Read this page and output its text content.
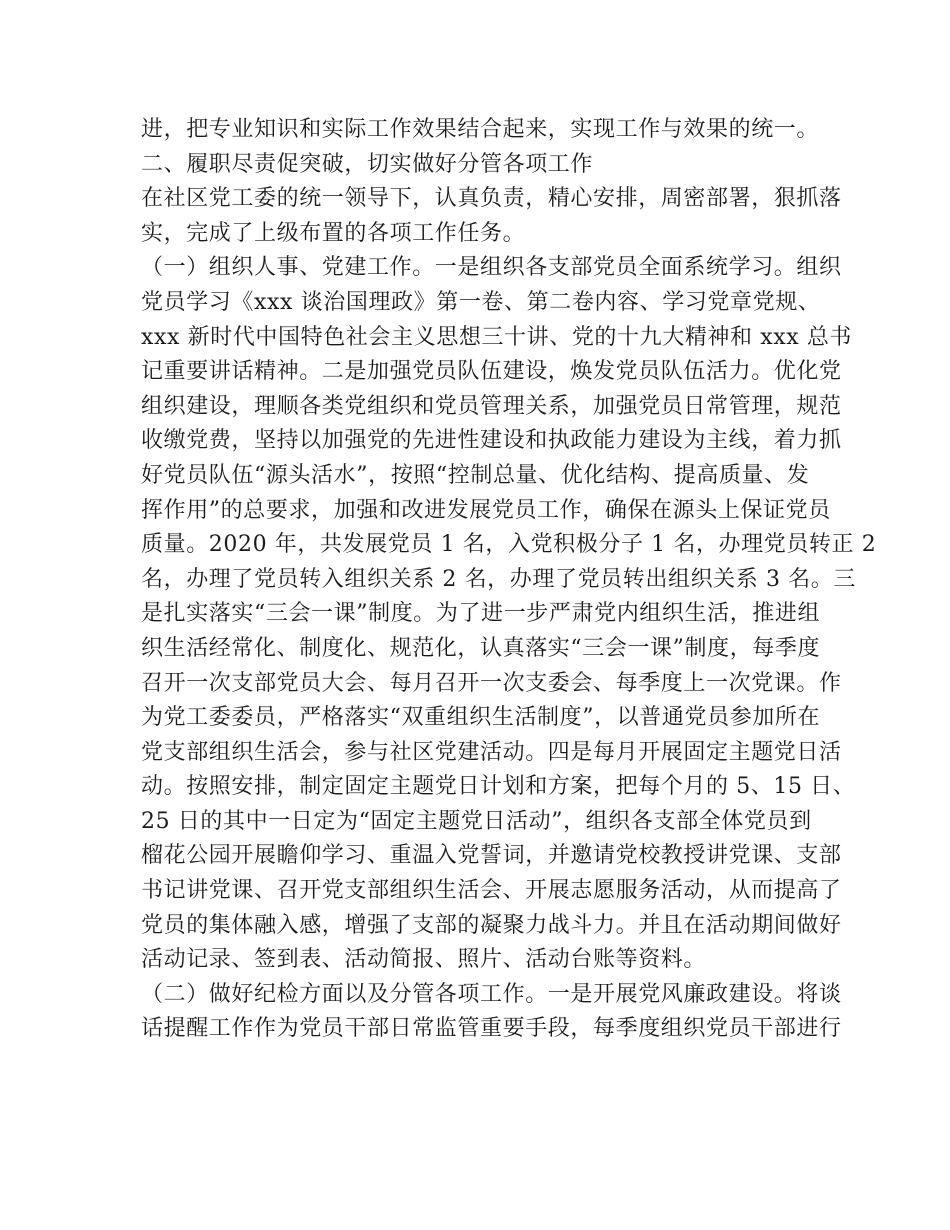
进，把专业知识和实际工作效果结合起来，实现工作与效果的统一。
二、履职尽责促突破，切实做好分管各项工作
在社区党工委的统一领导下，认真负责，精心安排，周密部署，狠抓落
实，完成了上级布置的各项工作任务。
（一）组织人事、党建工作。一是组织各支部党员全面系统学习。组织
党员学习《xxx 谈治国理政》第一卷、第二卷内容、学习党章党规、
xxx 新时代中国特色社会主义思想三十讲、党的十九大精神和 xxx 总书
记重要讲话精神。二是加强党员队伍建设，焕发党员队伍活力。优化党
组织建设，理顺各类党组织和党员管理关系，加强党员日常管理，规范
收缴党费，坚持以加强党的先进性建设和执政能力建设为主线，着力抓
好党员队伍“源头活水”，按照“控制总量、优化结构、提高质量、发
挥作用”的总要求，加强和改进发展党员工作，确保在源头上保证党员
质量。2020 年，共发展党员 1 名，入党积极分子 1 名，办理党员转正 2
名，办理了党员转入组织关系 2 名，办理了党员转出组织关系 3 名。三
是扎实落实“三会一课”制度。为了进一步严肃党内组织生活，推进组
织生活经常化、制度化、规范化，认真落实“三会一课”制度，每季度
召开一次支部党员大会、每月召开一次支委会、每季度上一次党课。作
为党工委委员，严格落实“双重组织生活制度”，以普通党员参加所在
党支部组织生活会，参与社区党建活动。四是每月开展固定主题党日活
动。按照安排，制定固定主题党日计划和方案，把每个月的 5、15 日、
25 日的其中一日定为“固定主题党日活动”，组织各支部全体党员到
榴花公园开展瞻仰学习、重温入党誓词，并邀请党校教授讲党课、支部
书记讲党课、召开党支部组织生活会、开展志愿服务活动，从而提高了
党员的集体融入感，增强了支部的凝聚力战斗力。并且在活动期间做好
活动记录、签到表、活动简报、照片、活动台账等资料。
（二）做好纪检方面以及分管各项工作。一是开展党风廉政建设。将谈
话提醒工作作为党员干部日常监管重要手段，每季度组织党员干部进行
